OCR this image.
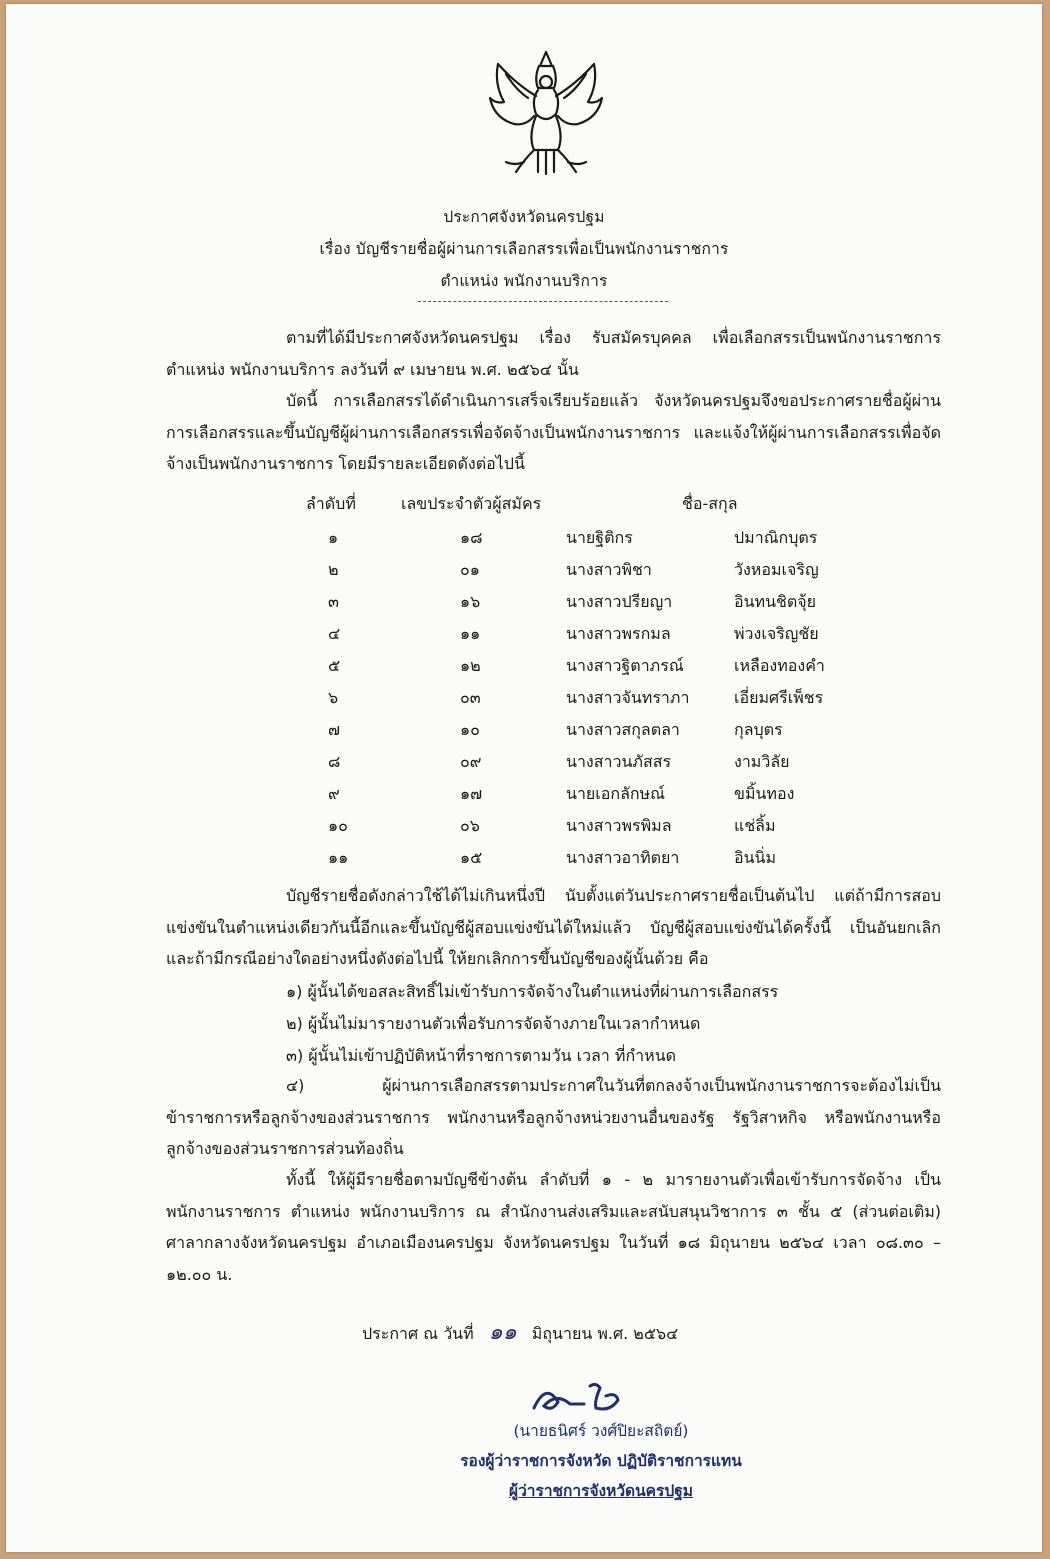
ประกาศจังหวัดนครปฐม
เรื่อง บัญชีรายชื่อผู้ผ่านการเลือกสรรเพื่อเป็นพนักงานราชการ
ตำแหน่ง พนักงานบริการ

ตามที่ได้มีประกาศจังหวัดนครปฐม เรื่อง รับสมัครบุคคล เพื่อเลือกสรรเป็นพนักงานราชการ ตำแหน่ง พนักงานบริการ ลงวันที่ ๙ เมษายน พ.ศ. ๒๕๖๔ นั้น

บัดนี้ การเลือกสรรได้ดำเนินการเสร็จเรียบร้อยแล้ว จังหวัดนครปฐมจึงขอประกาศรายชื่อผู้ผ่านการเลือกสรรและขึ้นบัญชีผู้ผ่านการเลือกสรรเพื่อจัดจ้างเป็นพนักงานราชการ และแจ้งให้ผู้ผ่านการเลือกสรรเพื่อจัดจ้างเป็นพนักงานราชการ โดยมีรายละเอียดดังต่อไปนี้

ลำดับที่	เลขประจำตัวผู้สมัคร	ชื่อ-สกุล
๑	๑๘	นายฐิติกร	ปมาณิกบุตร
๒	๐๑	นางสาวพิชา	วังหอมเจริญ
๓	๑๖	นางสาวปรียญา	อินทนชิตจุ้ย
๔	๑๑	นางสาวพรกมล	พ่วงเจริญชัย
๕	๑๒	นางสาวฐิตาภรณ์	เหลืองทองคำ
๖	๐๓	นางสาวจันทราภา	เอี่ยมศรีเพ็ชร
๗	๑๐	นางสาวสกุลตลา	กุลบุตร
๘	๐๙	นางสาวนภัสสร	งามวิลัย
๙	๑๗	นายเอกลักษณ์	ขมิ้นทอง
๑๐	๐๖	นางสาวพรพิมล	แช่ลิ้ม
๑๑	๑๕	นางสาวอาทิตยา	อินนิ่ม

บัญชีรายชื่อดังกล่าวใช้ได้ไม่เกินหนึ่งปี นับตั้งแต่วันประกาศรายชื่อเป็นต้นไป แต่ถ้ามีการสอบแข่งขันในตำแหน่งเดียวกันนี้อีกและขึ้นบัญชีผู้สอบแข่งขันได้ใหม่แล้ว บัญชีผู้สอบแข่งขันได้ครั้งนี้ เป็นอันยกเลิก และถ้ามีกรณีอย่างใดอย่างหนึ่งดังต่อไปนี้ ให้ยกเลิกการขึ้นบัญชีของผู้นั้นด้วย คือ

๑) ผู้นั้นได้ขอสละสิทธิ์ไม่เข้ารับการจัดจ้างในตำแหน่งที่ผ่านการเลือกสรร
๒) ผู้นั้นไม่มารายงานตัวเพื่อรับการจัดจ้างภายในเวลากำหนด
๓) ผู้นั้นไม่เข้าปฏิบัติหน้าที่ราชการตามวัน เวลา ที่กำหนด

๔) ผู้ผ่านการเลือกสรรตามประกาศในวันที่ตกลงจ้างเป็นพนักงานราชการจะต้องไม่เป็นข้าราชการหรือลูกจ้างของส่วนราชการ พนักงานหรือลูกจ้างหน่วยงานอื่นของรัฐ รัฐวิสาหกิจ หรือพนักงานหรือลูกจ้างของส่วนราชการส่วนท้องถิ่น

ทั้งนี้ ให้ผู้มีรายชื่อตามบัญชีข้างต้น ลำดับที่ ๑ - ๒ มารายงานตัวเพื่อเข้ารับการจัดจ้าง เป็นพนักงานราชการ ตำแหน่ง พนักงานบริการ ณ สำนักงานส่งเสริมและสนับสนุนวิชาการ ๓ ชั้น ๕ (ส่วนต่อเติม) ศาลากลางจังหวัดนครปฐม อำเภอเมืองนครปฐม จังหวัดนครปฐม ในวันที่ ๑๘ มิถุนายน ๒๕๖๔ เวลา ๐๘.๓๐ – ๑๒.๐๐ น.

ประกาศ ณ วันที่ ๑๑ มิถุนายน พ.ศ. ๒๕๖๔
(นายธนิศร์ วงศ์ปิยะสถิตย์)
รองผู้ว่าราชการจังหวัด ปฏิบัติราชการแทน
ผู้ว่าราชการจังหวัดนครปฐม
